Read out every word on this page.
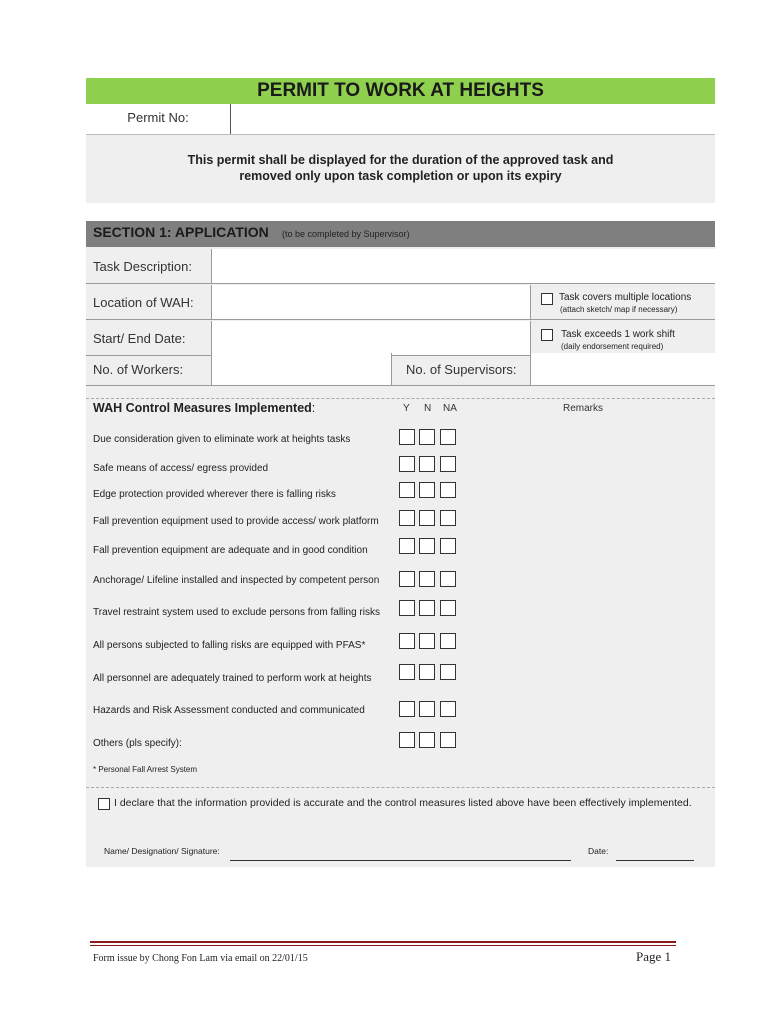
PERMIT TO WORK AT HEIGHTS
Permit No:
This permit shall be displayed for the duration of the approved task and
removed only upon task completion or upon its expiry
SECTION 1: APPLICATION (to be completed by Supervisor)
Task Description:
Location of WAH:	Task covers multiple locations
(attach sketch/ map if necessary)
Start/ End Date:	Task exceeds 1 work shift
(daily endorsement required)
No. of Workers:	No. of Supervisors:
WAH Control Measures Implemented:	Y N NA	Remarks
Due consideration given to eliminate work at heights tasks
Safe means of access/ egress provided
Edge protection provided wherever there is falling risks
Fall prevention equipment used to provide access/ work platform
Fall prevention equipment are adequate and in good condition
Anchorage/ Lifeline installed and inspected by competent person
Travel restraint system used to exclude persons from falling risks
All persons subjected to falling risks are equipped with PFAS*
All personnel are adequately trained to perform work at heights
Hazards and Risk Assessment conducted and communicated
Others (pls specify):
* Personal Fall Arrest System
I declare that the information provided is accurate and the control measures listed above have been effectively implemented.
Name/ Designation/ Signature:	Date:
Form issue by Chong Fon Lam via email on 22/01/15	Page 1
